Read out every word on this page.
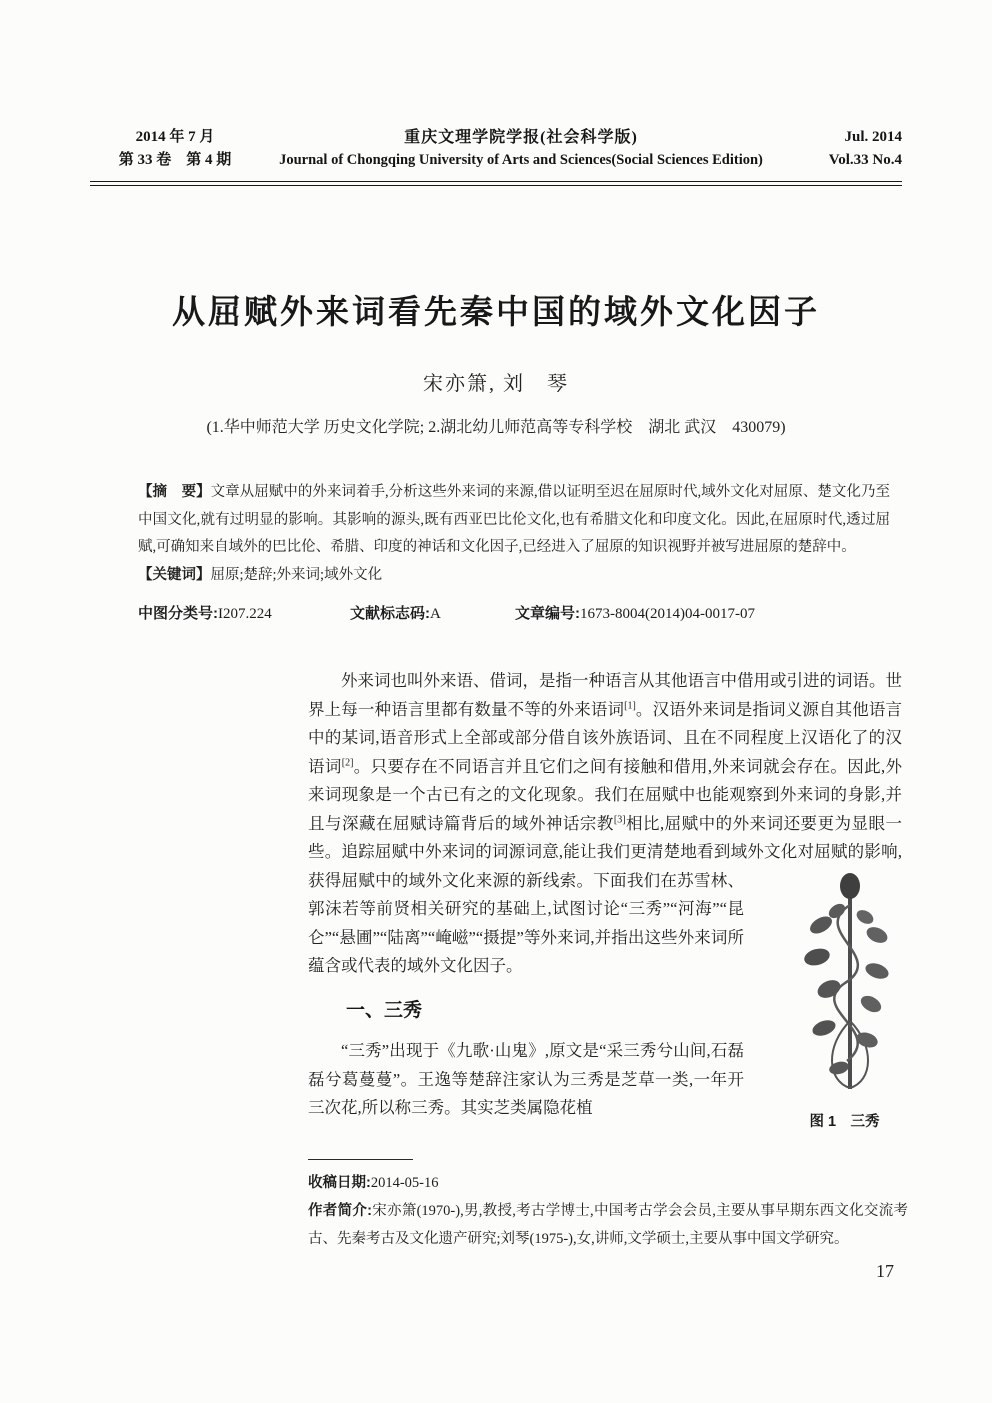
2014 年 7 月
第 33 卷　第 4 期
重庆文理学院学报(社会科学版)
Journal of Chongqing University of Arts and Sciences(Social Sciences Edition)
Jul. 2014
Vol.33 No.4
从屈赋外来词看先秦中国的域外文化因子
宋亦箫, 刘　琴
(1.华中师范大学 历史文化学院; 2.湖北幼儿师范高等专科学校　湖北 武汉　430079)
【摘　要】文章从屈赋中的外来词着手,分析这些外来词的来源,借以证明至迟在屈原时代,域外文化对屈原、楚文化乃至中国文化,就有过明显的影响。其影响的源头,既有西亚巴比伦文化,也有希腊文化和印度文化。因此,在屈原时代,透过屈赋,可确知来自域外的巴比伦、希腊、印度的神话和文化因子,已经进入了屈原的知识视野并被写进屈原的楚辞中。
【关键词】屈原;楚辞;外来词;域外文化
中图分类号:I207.224	文献标志码:A	文章编号:1673-8004(2014)04-0017-07

外来词也叫外来语、借词，是指一种语言从其他语言中借用或引进的词语。世界上每一种语言里都有数量不等的外来语词[1]。汉语外来词是指词义源自其他语言中的某词,语音形式上全部或部分借自该外族语词、且在不同程度上汉语化了的汉语词[2]。只要存在不同语言并且它们之间有接触和借用,外来词就会存在。因此,外来词现象是一个古已有之的文化现象。我们在屈赋中也能观察到外来词的身影,并且与深藏在屈赋诗篇背后的域外神话宗教[3]相比,屈赋中的外来词还要更为显眼一些。追踪屈赋中外来词的词源词意,能让我们更清楚地看到域外文化对屈赋的影响,获得屈赋中的域外文化来源的新线索。
图 1　三秀
下面我们在苏雪林、郭沫若等前贤相关研究的基础上,试图讨论“三秀”“河海”“昆仑”“悬圃”“陆离”“崦嵫”“摄提”等外来词,并指出这些外来词所蕴含或代表的域外文化因子。

一、三秀

“三秀”出现于《九歌·山鬼》,原文是“采三秀兮山间,石磊磊兮葛蔓蔓”。王逸等楚辞注家认为三秀是芝草一类,一年开三次花,所以称三秀。其实芝类属隐花植

收稿日期:2014-05-16
作者简介:宋亦箫(1970-),男,教授,考古学博士,中国考古学会会员,主要从事早期东西文化交流考古、先秦考古及文化遗产研究;刘琴(1975-),女,讲师,文学硕士,主要从事中国文学研究。
17
